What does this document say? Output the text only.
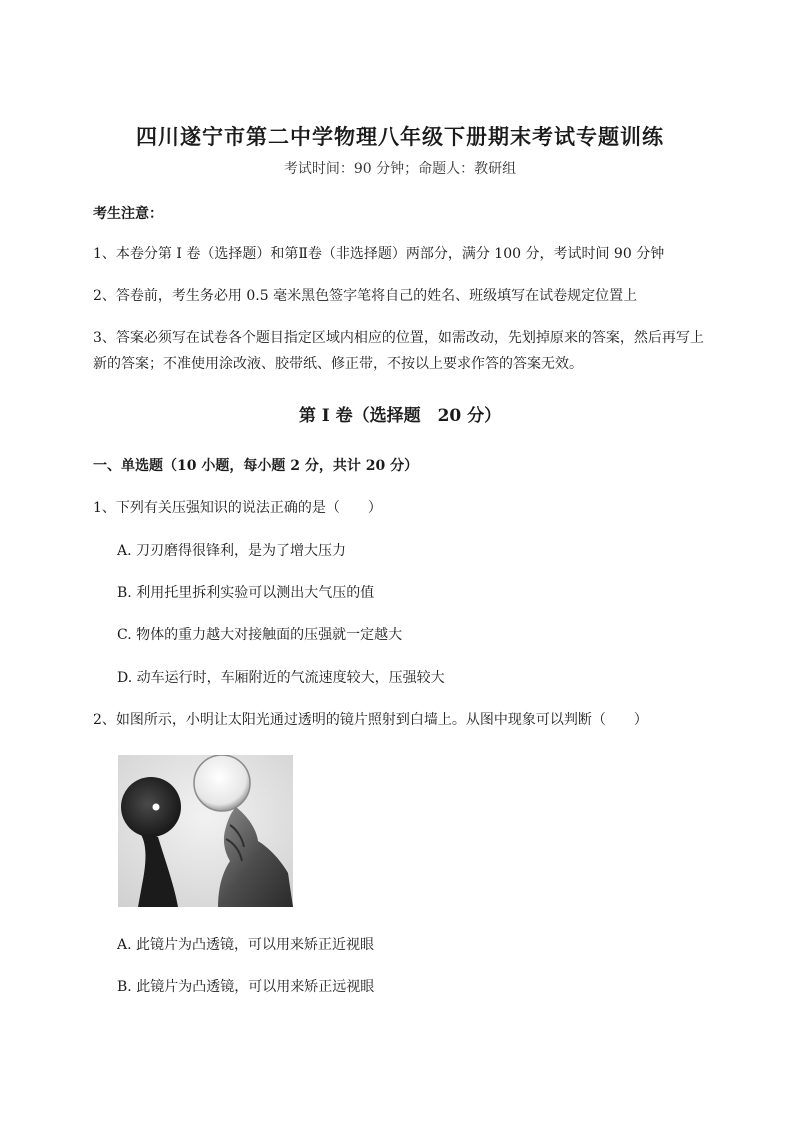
四川遂宁市第二中学物理八年级下册期末考试专题训练
考试时间：90 分钟；命题人：教研组
考生注意：
1、本卷分第 I 卷（选择题）和第Ⅱ卷（非选择题）两部分，满分 100 分，考试时间 90 分钟
2、答卷前，考生务必用 0.5 毫米黑色签字笔将自己的姓名、班级填写在试卷规定位置上
3、答案必须写在试卷各个题目指定区域内相应的位置，如需改动，先划掉原来的答案，然后再写上新的答案；不准使用涂改液、胶带纸、修正带，不按以上要求作答的答案无效。
第 I 卷（选择题　20 分）
一、单选题（10 小题，每小题 2 分，共计 20 分）
1、下列有关压强知识的说法正确的是（　　）
A. 刀刃磨得很锋利，是为了增大压力
B. 利用托里拆利实验可以测出大气压的值
C. 物体的重力越大对接触面的压强就一定越大
D. 动车运行时，车厢附近的气流速度较大，压强较大
2、如图所示，小明让太阳光通过透明的镜片照射到白墙上。从图中现象可以判断（　　）
A. 此镜片为凸透镜，可以用来矫正近视眼
B. 此镜片为凸透镜，可以用来矫正远视眼
